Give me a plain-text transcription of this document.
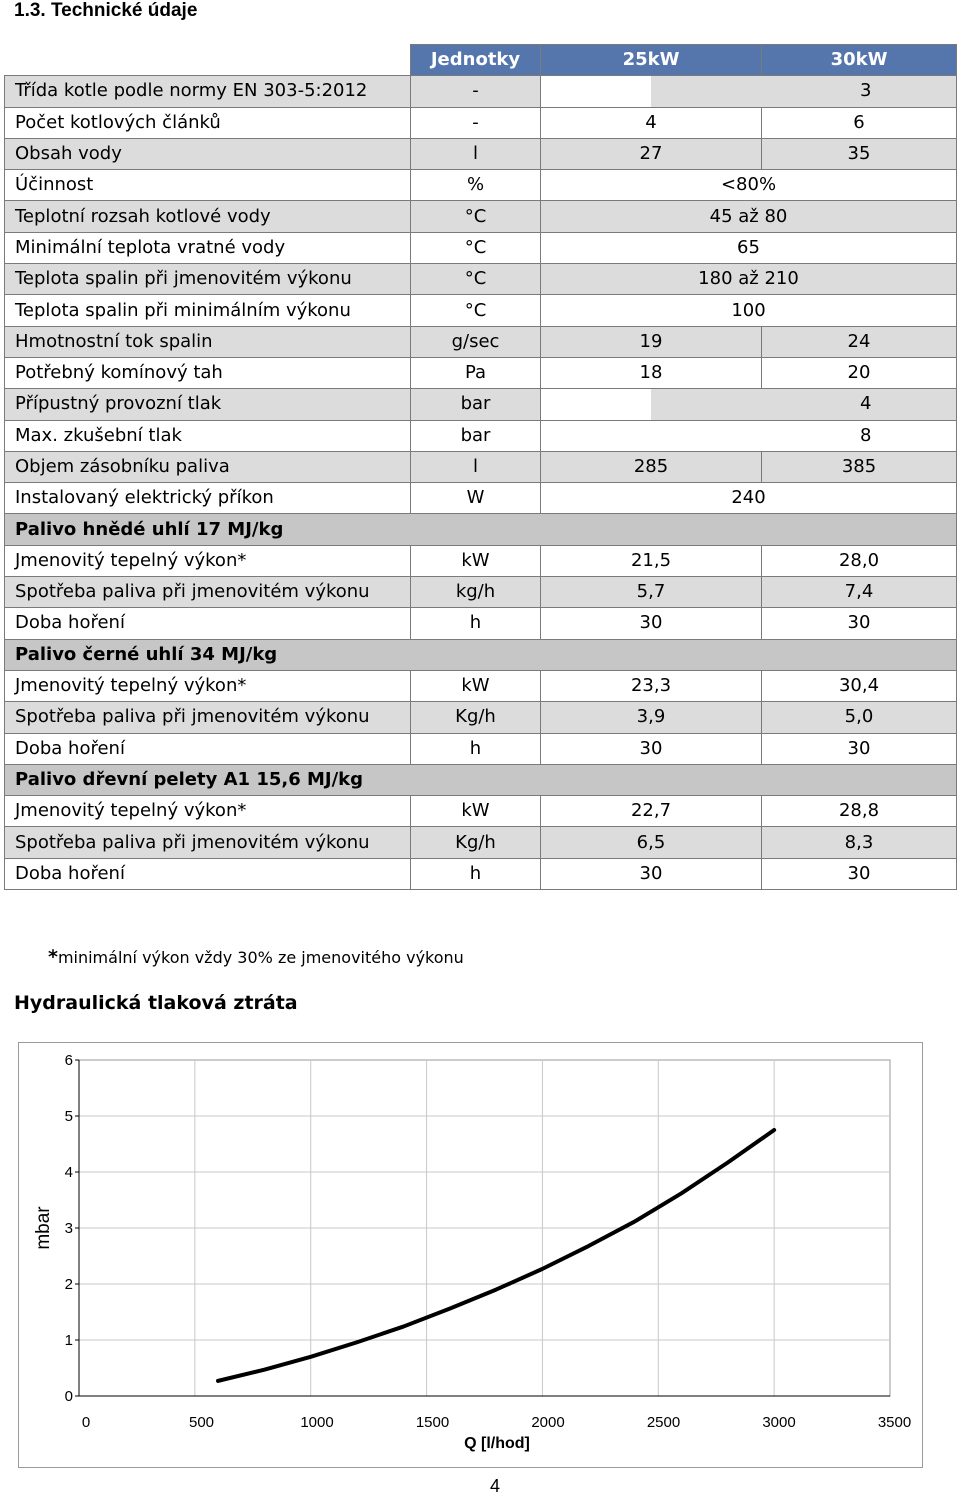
1.3. Technické údaje
	Jednotky	25kW	30kW
Třída kotle podle normy EN 303-5:2012	-	3	
Počet kotlových článků	-	4	6
Obsah vody	l	27	35
Účinnost	%	<80%
Teplotní rozsah kotlové vody	°C	45 až 80
Minimální teplota vratné vody	°C	65
Teplota spalin při jmenovitém výkonu	°C	180 až 210
Teplota spalin při minimálním výkonu	°C	100
Hmotnostní tok spalin	g/sec	19	24
Potřebný komínový tah	Pa	18	20
Přípustný provozní tlak	bar	4	
Max. zkušební tlak	bar	8	
Objem zásobníku paliva	l	285	385
Instalovaný elektrický příkon	W	240
Palivo hnědé uhlí 17 MJ/kg
Jmenovitý tepelný výkon*	kW	21,5	28,0
Spotřeba paliva při jmenovitém výkonu	kg/h	5,7	7,4
Doba hoření	h	30	30
Palivo černé uhlí 34 MJ/kg
Jmenovitý tepelný výkon*	kW	23,3	30,4
Spotřeba paliva při jmenovitém výkonu	Kg/h	3,9	5,0
Doba hoření	h	30	30
Palivo dřevní pelety A1 15,6 MJ/kg
Jmenovitý tepelný výkon*	kW	22,7	28,8
Spotřeba paliva při jmenovitém výkonu	Kg/h	6,5	8,3
Doba hoření	h	30	30
*minimální výkon vždy 30% ze jmenovitého výkonu
Hydraulická tlaková ztráta
0	500	1000	1500	2000	2500	3000	3500
0
1
2
3
4
5
6
mbar
Q [l/hod]
4
